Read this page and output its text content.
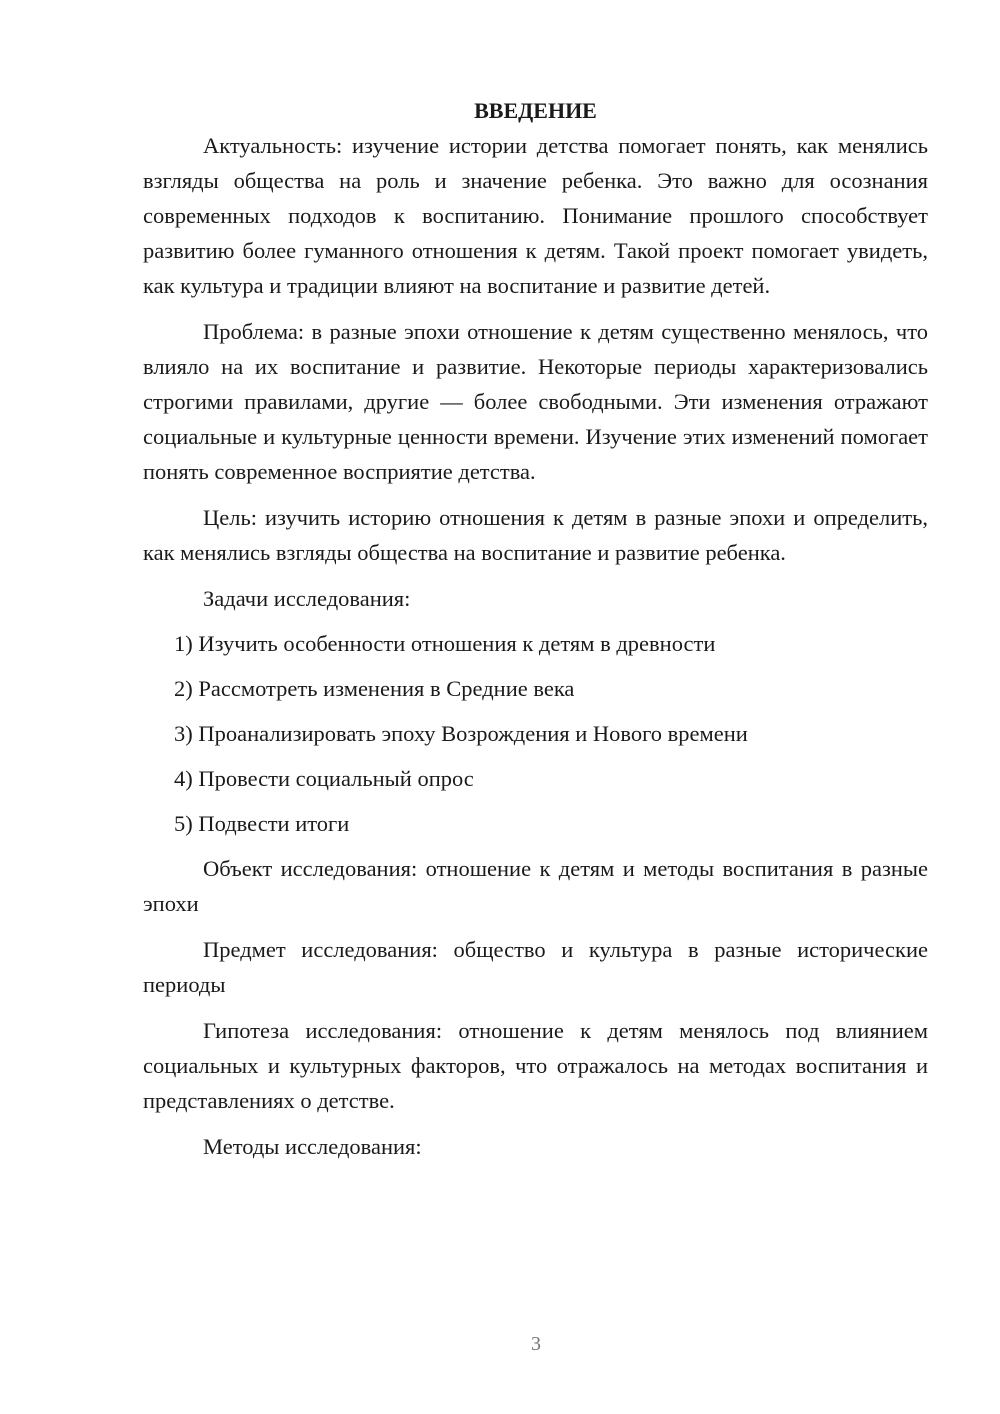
ВВЕДЕНИЕ

Актуальность: изучение истории детства помогает понять, как менялись взгляды общества на роль и значение ребенка. Это важно для осознания современных подходов к воспитанию. Понимание прошлого способствует развитию более гуманного отношения к детям. Такой проект помогает увидеть, как культура и традиции влияют на воспитание и развитие детей.

Проблема: в разные эпохи отношение к детям существенно менялось, что влияло на их воспитание и развитие. Некоторые периоды характеризовались строгими правилами, другие — более свободными. Эти изменения отражают социальные и культурные ценности времени. Изучение этих изменений помогает понять современное восприятие детства.

Цель: изучить историю отношения к детям в разные эпохи и определить, как менялись взгляды общества на воспитание и развитие ребенка.

Задачи исследования:

1) Изучить особенности отношения к детям в древности
2) Рассмотреть изменения в Средние века
3) Проанализировать эпоху Возрождения и Нового времени
4) Провести социальный опрос
5) Подвести итоги

Объект исследования: отношение к детям и методы воспитания в разные эпохи

Предмет исследования: общество и культура в разные исторические периоды

Гипотеза исследования: отношение к детям менялось под влиянием социальных и культурных факторов, что отражалось на методах воспитания и представлениях о детстве.

Методы исследования:

3
